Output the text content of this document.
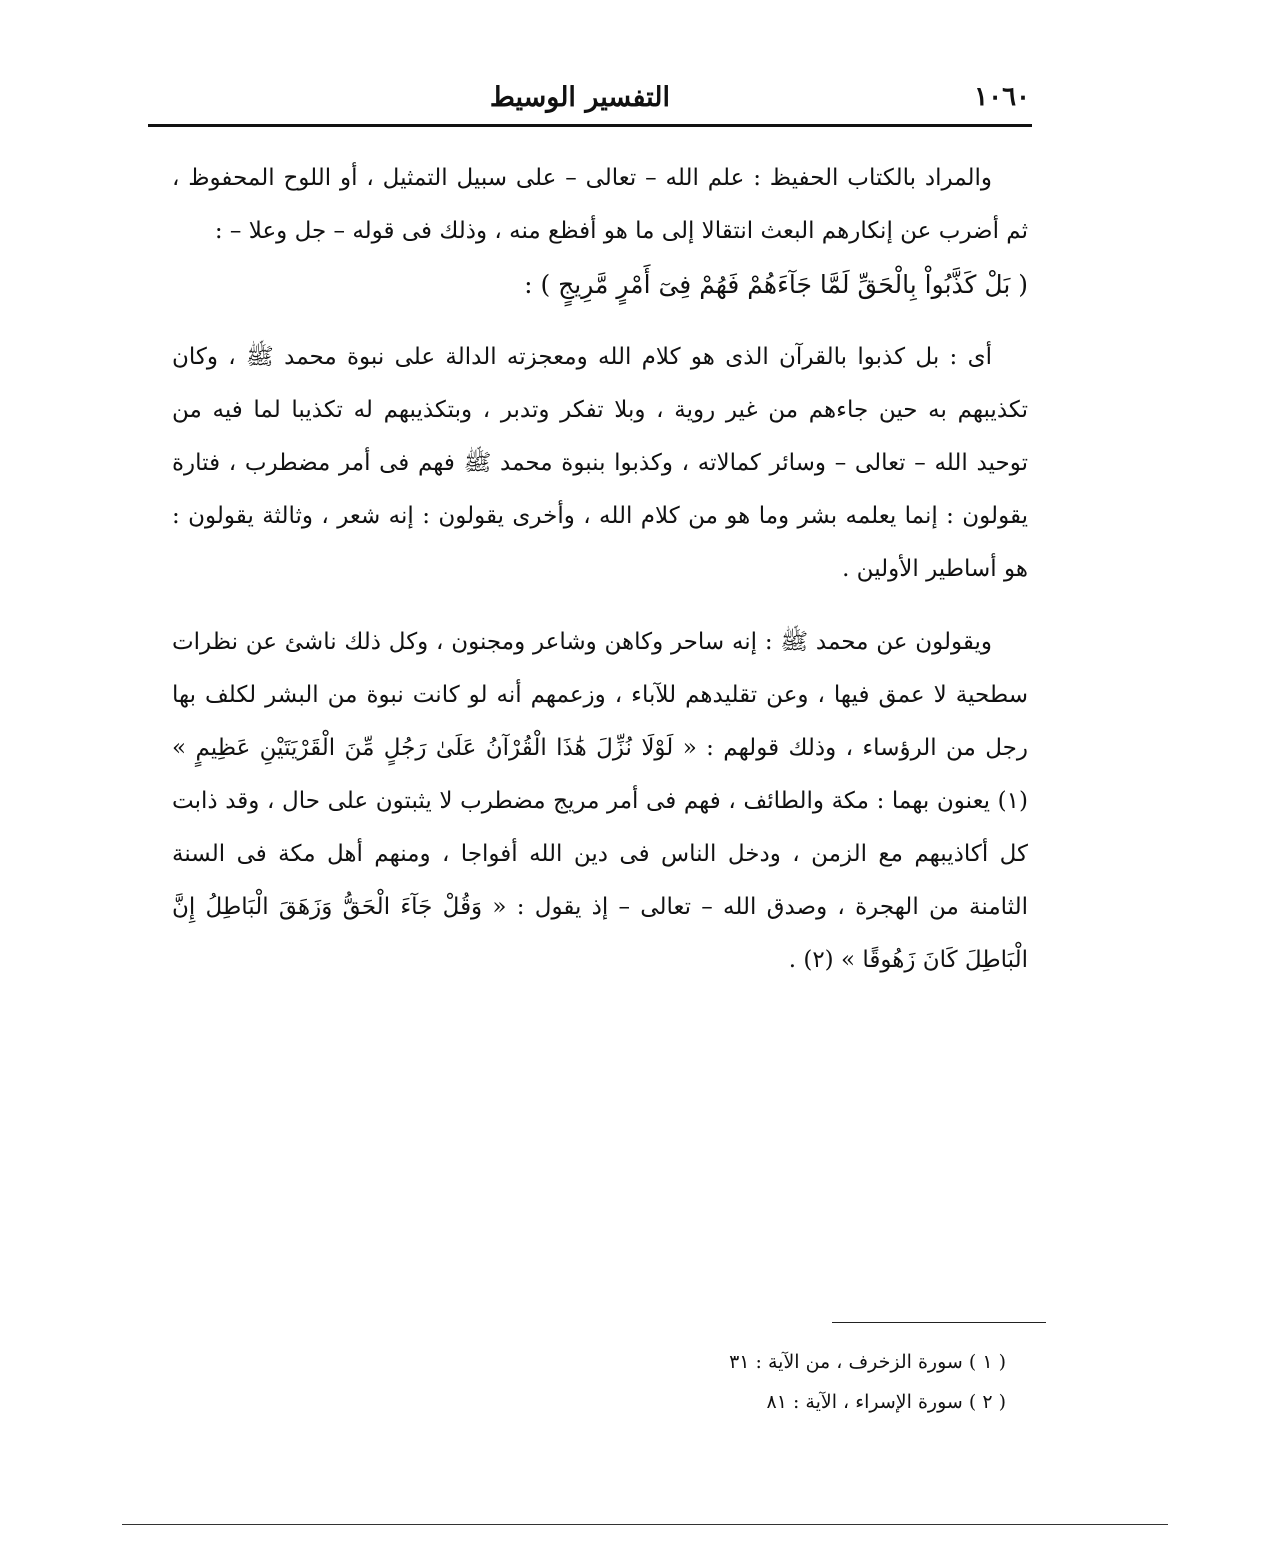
١٠٦٠
التفسير الوسيط

والمراد بالكتاب الحفيظ : علم الله – تعالى – على سبيل التمثيل ، أو اللوح المحفوظ ، ثم أضرب عن إنكارهم البعث انتقالا إلى ما هو أفظع منه ، وذلك فى قوله – جل وعلا – :

( بَلْ كَذَّبُواْ بِالْحَقِّ لَمَّا جَآءَهُمْ فَهُمْ فِىٓ أَمْرٍ مَّرِيجٍ ) :

أى : بل كذبوا بالقرآن الذى هو كلام الله ومعجزته الدالة على نبوة محمد ﷺ ، وكان تكذيبهم به حين جاءهم من غير روية ، وبلا تفكر وتدبر ، وبتكذيبهم له تكذيبا لما فيه من توحيد الله – تعالى – وسائر كمالاته ، وكذبوا بنبوة محمد ﷺ فهم فى أمر مضطرب ، فتارة يقولون : إنما يعلمه بشر وما هو من كلام الله ، وأخرى يقولون : إنه شعر ، وثالثة يقولون : هو أساطير الأولين .

ويقولون عن محمد ﷺ : إنه ساحر وكاهن وشاعر ومجنون ، وكل ذلك ناشئ عن نظرات سطحية لا عمق فيها ، وعن تقليدهم للآباء ، وزعمهم أنه لو كانت نبوة من البشر لكلف بها رجل من الرؤساء ، وذلك قولهم : « لَوْلَا نُزِّلَ هَٰذَا الْقُرْآنُ عَلَىٰ رَجُلٍ مِّنَ الْقَرْيَتَيْنِ عَظِيمٍ » (١) يعنون بهما : مكة والطائف ، فهم فى أمر مريج مضطرب لا يثبتون على حال ، وقد ذابت كل أكاذيبهم مع الزمن ، ودخل الناس فى دين الله أفواجا ، ومنهم أهل مكة فى السنة الثامنة من الهجرة ، وصدق الله – تعالى – إذ يقول : « وَقُلْ جَآءَ الْحَقُّ وَزَهَقَ الْبَاطِلُ إِنَّ الْبَاطِلَ كَانَ زَهُوقًا » (٢) .

( ١ ) سورة الزخرف ، من الآية : ٣١
( ٢ ) سورة الإسراء ، الآية : ٨١
